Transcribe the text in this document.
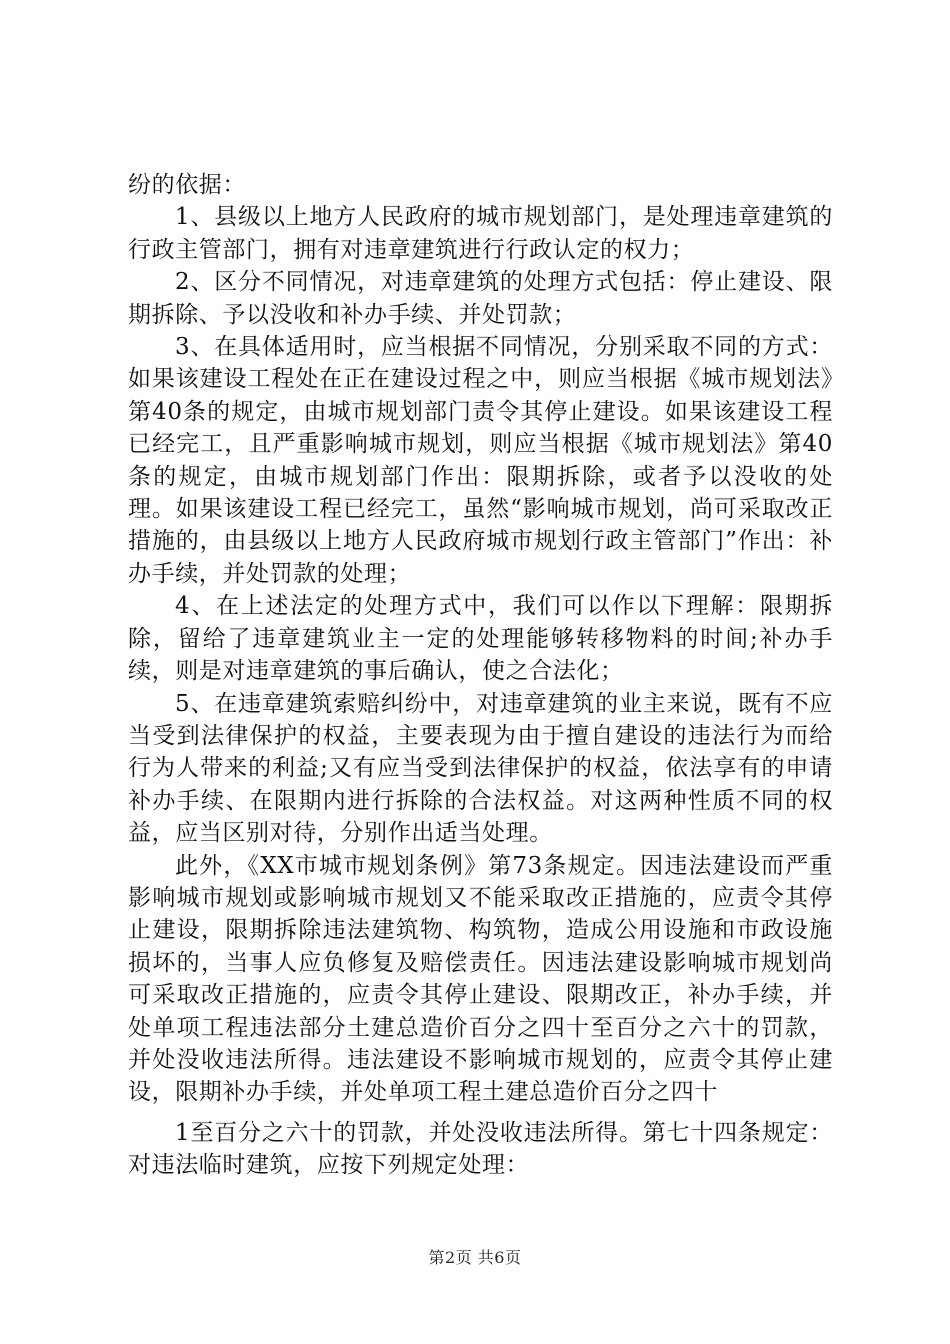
纷的依据：

1、县级以上地方人民政府的城市规划部门，是处理违章建筑的行政主管部门，拥有对违章建筑进行行政认定的权力；

2、区分不同情况，对违章建筑的处理方式包括：停止建设、限期拆除、予以没收和补办手续、并处罚款；

3、在具体适用时，应当根据不同情况，分别采取不同的方式：如果该建设工程处在正在建设过程之中，则应当根据《城市规划法》第40条的规定，由城市规划部门责令其停止建设。如果该建设工程已经完工，且严重影响城市规划，则应当根据《城市规划法》第40条的规定，由城市规划部门作出：限期拆除，或者予以没收的处理。如果该建设工程已经完工，虽然“影响城市规划，尚可采取改正措施的，由县级以上地方人民政府城市规划行政主管部门”作出：补办手续，并处罚款的处理；

4、在上述法定的处理方式中，我们可以作以下理解：限期拆除，留给了违章建筑业主一定的处理能够转移物料的时间;补办手续，则是对违章建筑的事后确认，使之合法化；

5、在违章建筑索赔纠纷中，对违章建筑的业主来说，既有不应当受到法律保护的权益，主要表现为由于擅自建设的违法行为而给行为人带来的利益;又有应当受到法律保护的权益，依法享有的申请补办手续、在限期内进行拆除的合法权益。对这两种性质不同的权益，应当区别对待，分别作出适当处理。

此外，《XX市城市规划条例》第73条规定。因违法建设而严重影响城市规划或影响城市规划又不能采取改正措施的，应责令其停止建设，限期拆除违法建筑物、构筑物，造成公用设施和市政设施损坏的，当事人应负修复及赔偿责任。因违法建设影响城市规划尚可采取改正措施的，应责令其停止建设、限期改正，补办手续，并处单项工程违法部分土建总造价百分之四十至百分之六十的罚款，并处没收违法所得。违法建设不影响城市规划的，应责令其停止建设，限期补办手续，并处单项工程土建总造价百分之四十

1至百分之六十的罚款，并处没收违法所得。第七十四条规定：对违法临时建筑，应按下列规定处理：

第2页 共6页
